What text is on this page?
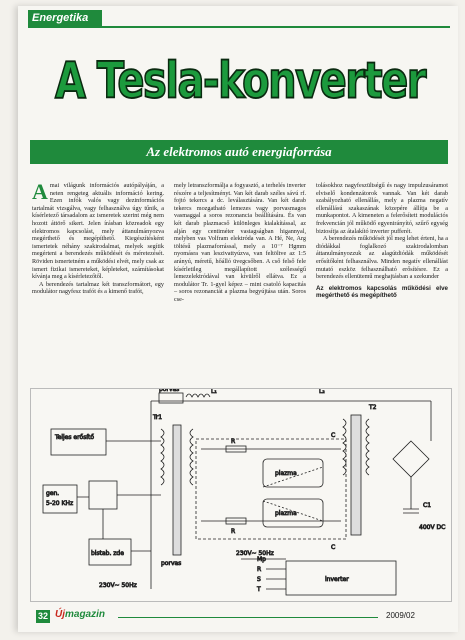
Energetika
A Tesla-konverter
Az elektromos autó energiaforrása
A mai világunk információs autópályáján, a neten rengeteg aktuális információ kering. Ezen infók valós vagy dezinformációs tartalmát vizsgálva, vagy felhasználva úgy tűnik, a kísérletező társadalom az ismeretek szerint még nem hozott áttörő sikert. Jelen írásban közreadok egy elektromos kapcsolást, mely áttanulmányozva megérthető és megépíthető. Kiegészítésként ismertetek néhány szakirodalmat, melyek segítik megérteni a berendezés működését és méretezését. Röviden ismertetném a működési elvét, mely csak az ismert fizikai ismereteket, képleteket, számításokat kívánja meg a kísérletezőtől.

A berendezés tartalmaz két transzformátort, egy modulátor nagyfesz trafót és a kimenő trafót,

mely letranszformálja a fogyasztó, a terhelés inverter részére a teljesítményt. Van két darab széles sávú rf. fojtó tekercs a dc. leválasztására. Van két darab tekercs mozgatható lemezes vagy porvasmagos vasmaggal a soros rezonancia beállítására. És van két darab plazmacső különleges kialakítással, az alján egy centiméter vastagságban higannyal, melyben vas Volfram elektróda van. A Hé, Ne, Arg töltésű plazmaforrással, mely a 10⁻⁷ Hgmm nyomásra van leszivattyúzva, van feltöltve az 1:5 arányú, méretű, hőálló üvegcsőben. A cső felső fele kísérletileg megállapított szélességű lemezelektródával van kívülről ellátva. Ez a modulátor Tr. 1-gyel képez – mint csatoló kapacitás – soros rezonanciát a plazma begyújtása után. Soros cse-

tolásokhoz nagyfeszültségű és nagy impulzusáramot elviselő kondenzátorok vannak. Van két darab szabályozható ellenállás, mely a plazma negatív ellenállású szakaszának közepére állítja be a munkapontot. A kimeneten a felerősített modulációs frekvencián jól működő egyenirányító, szűrő egység biztosítja az átalakító inverter pufferét.

A berendezés működését jól meg lehet érteni, ha a diódákkal foglalkozó szakirodalomban áttanulmányozzuk az alagútdiódák működését erősítőként felhasználva. Minden negatív ellenállást mutató eszköz felhasználható erősítésre. Ez a berendezés ellenütemű meghajtásban a szekunder

Az elektromos kapcsolás működési elve megérthető és megépíthető
porvas	L₁	L₂
T2
Tr1
porvas
R
R
C
C
plazma
plazma
Teljes erősítő
gen.
5-20 KHz
bistab. zde
230V~ 50Hz
230V~ 50Hz
C1
400V DC
inverter
R
S
T
Mp
32 Újmagazin	2009/02
